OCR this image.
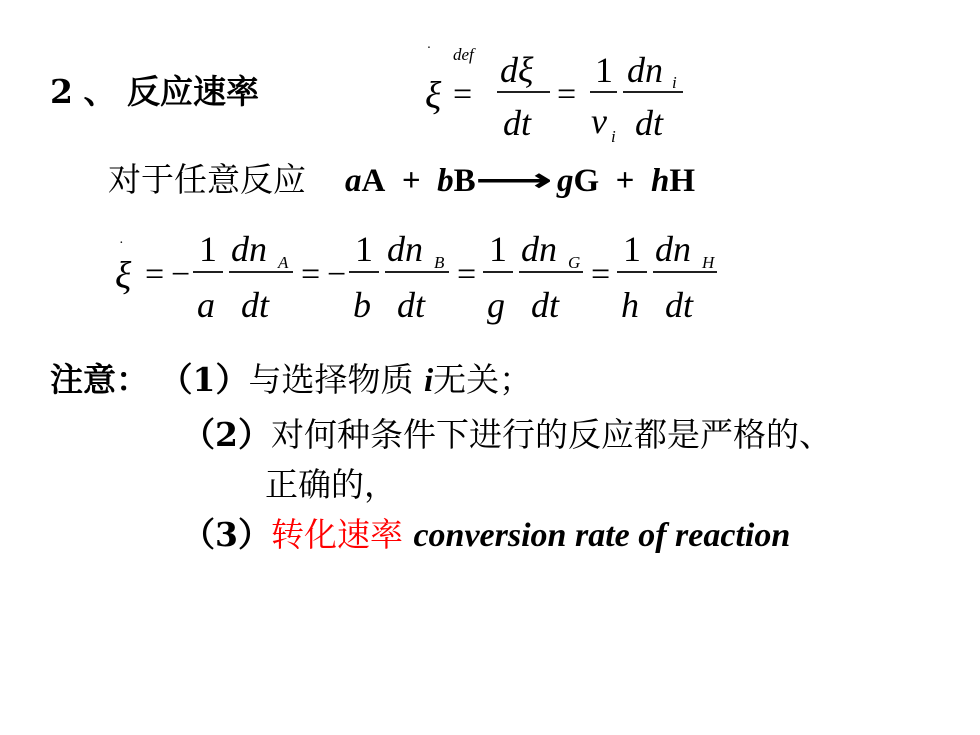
2 、 反应速率
·
ξ
def
=
dξ
dt
=
1
ν i
dn i
dt
对于任意反应 aA + bB⟶ gG + hH
·
ξ = −
1
a
dn A
dt
= −
1
b
dn B
dt
=
1
g
dn G
dt
=
1
h
dn H
dt
注意： （1）与选择物质 i无关；
（2）对何种条件下进行的反应都是严格的、
正确的，
（3）转化速率 conversion rate of reaction
